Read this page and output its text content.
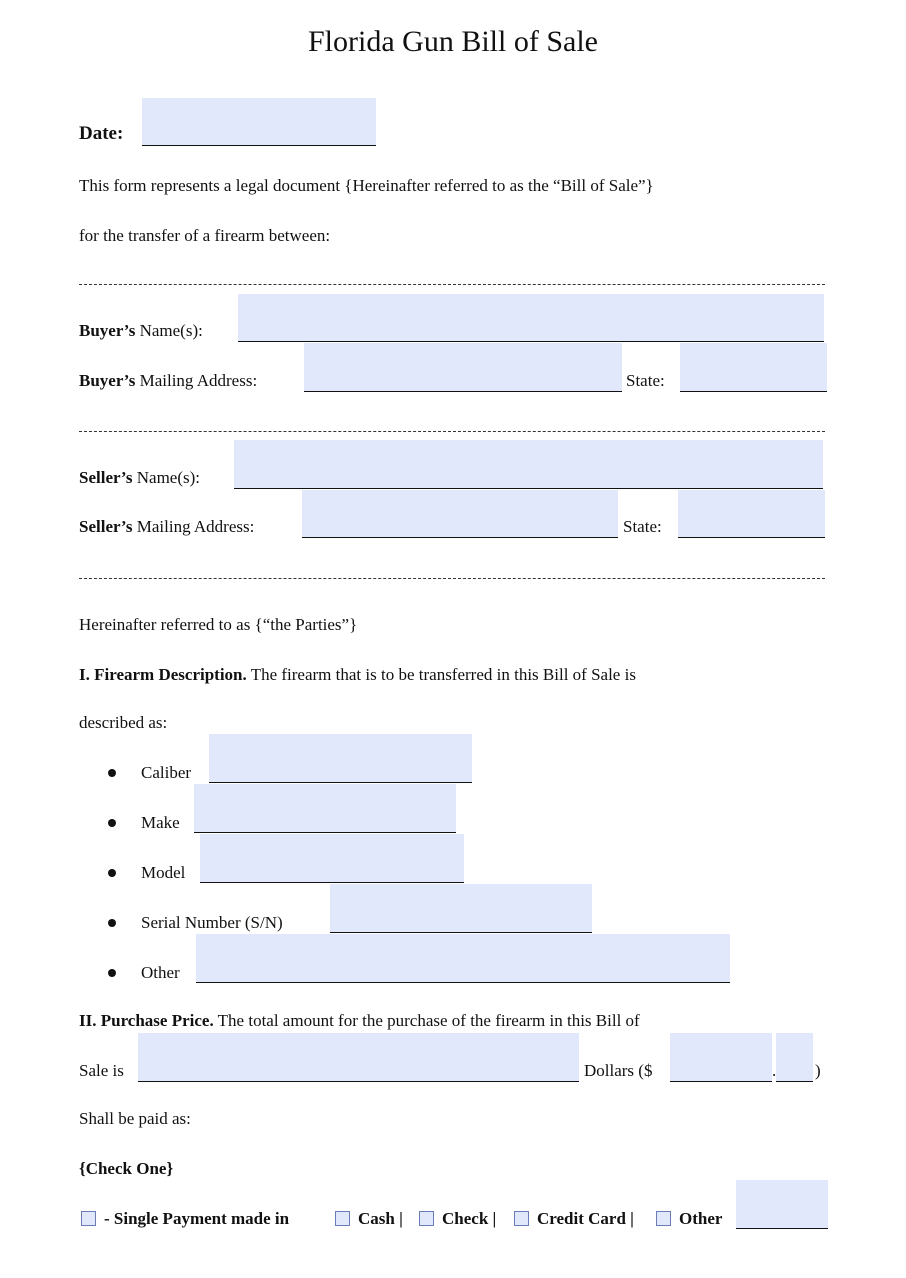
Florida Gun Bill of Sale
Date:
This form represents a legal document {Hereinafter referred to as the “Bill of Sale”}
for the transfer of a firearm between:
Buyer’s Name(s):
Buyer’s Mailing Address:	State:
Seller’s Name(s):
Seller’s Mailing Address:	State:
Hereinafter referred to as {“the Parties”}
I. Firearm Description. The firearm that is to be transferred in this Bill of Sale is
described as:
Caliber
Make
Model
Serial Number (S/N)
Other
II. Purchase Price. The total amount for the purchase of the firearm in this Bill of
Sale is	Dollars ($	. )
Shall be paid as:
{Check One}
- Single Payment made in	Cash | Check | Credit Card |	Other
